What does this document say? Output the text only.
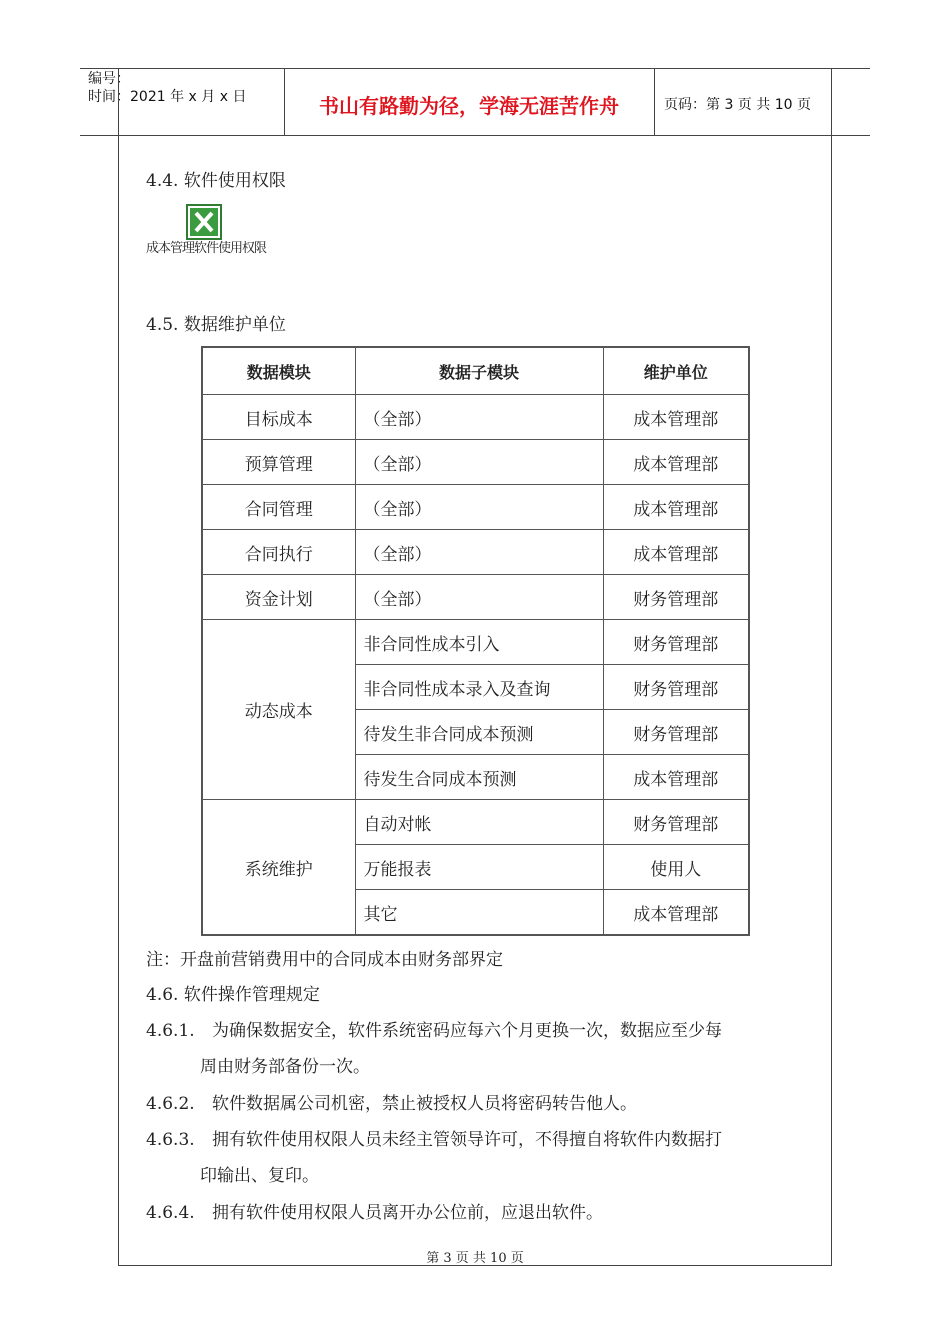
编号：
时间：2021 年 x 月 x 日	书山有路勤为径，学海无涯苦作舟	页码：第 3 页 共 10 页
4.4. 软件使用权限
成本管理软件使用权限
4.5. 数据维护单位
数据模块	数据子模块	维护单位
目标成本	（全部）	成本管理部
预算管理	（全部）	成本管理部
合同管理	（全部）	成本管理部
合同执行	（全部）	成本管理部
资金计划	（全部）	财务管理部
动态成本	非合同性成本引入	财务管理部
	非合同性成本录入及查询	财务管理部
	待发生非合同成本预测	财务管理部
	待发生合同成本预测	成本管理部
系统维护	自动对帐	财务管理部
	万能报表	使用人
	其它	成本管理部
注：开盘前营销费用中的合同成本由财务部界定
4.6. 软件操作管理规定
4.6.1. 为确保数据安全，软件系统密码应每六个月更换一次，数据应至少每
周由财务部备份一次。
4.6.2. 软件数据属公司机密，禁止被授权人员将密码转告他人。
4.6.3. 拥有软件使用权限人员未经主管领导许可，不得擅自将软件内数据打
印输出、复印。
4.6.4. 拥有软件使用权限人员离开办公位前，应退出软件。
第 3 页 共 10 页
